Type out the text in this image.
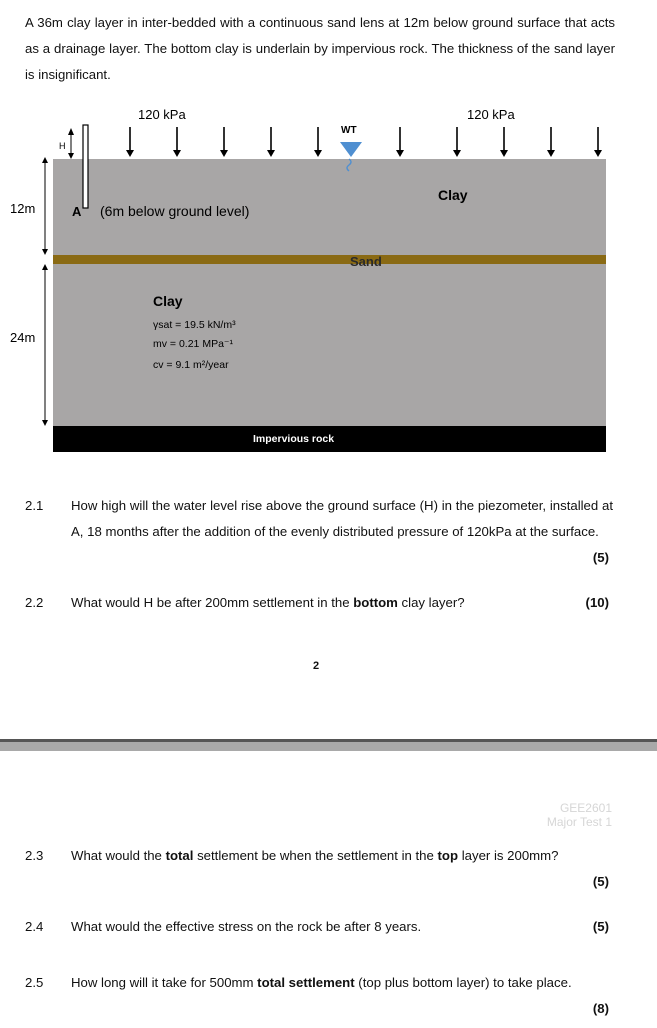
A 36m clay layer in inter-bedded with a continuous sand lens at 12m below ground surface that acts as a drainage layer. The bottom clay is underlain by impervious rock. The thickness of the sand layer is insignificant.
120 kPa	120 kPa
H
WT
A (6m below ground level)
Clay
Sand
Clay
γsat = 19.5 kN/m³
mv = 0.21 MPa⁻¹
cv = 9.1 m²/year
Impervious rock
12m
24m
2.1 How high will the water level rise above the ground surface (H) in the piezometer, installed at A, 18 months after the addition of the evenly distributed pressure of 120kPa at the surface.
(5)
2.2 What would H be after 200mm settlement in the bottom clay layer?	(10)
2
GEE2601
Major Test 1
2.3 What would the total settlement be when the settlement in the top layer is 200mm?
(5)
2.4 What would the effective stress on the rock be after 8 years.	(5)
2.5 How long will it take for 500mm total settlement (top plus bottom layer) to take place.
(8)
